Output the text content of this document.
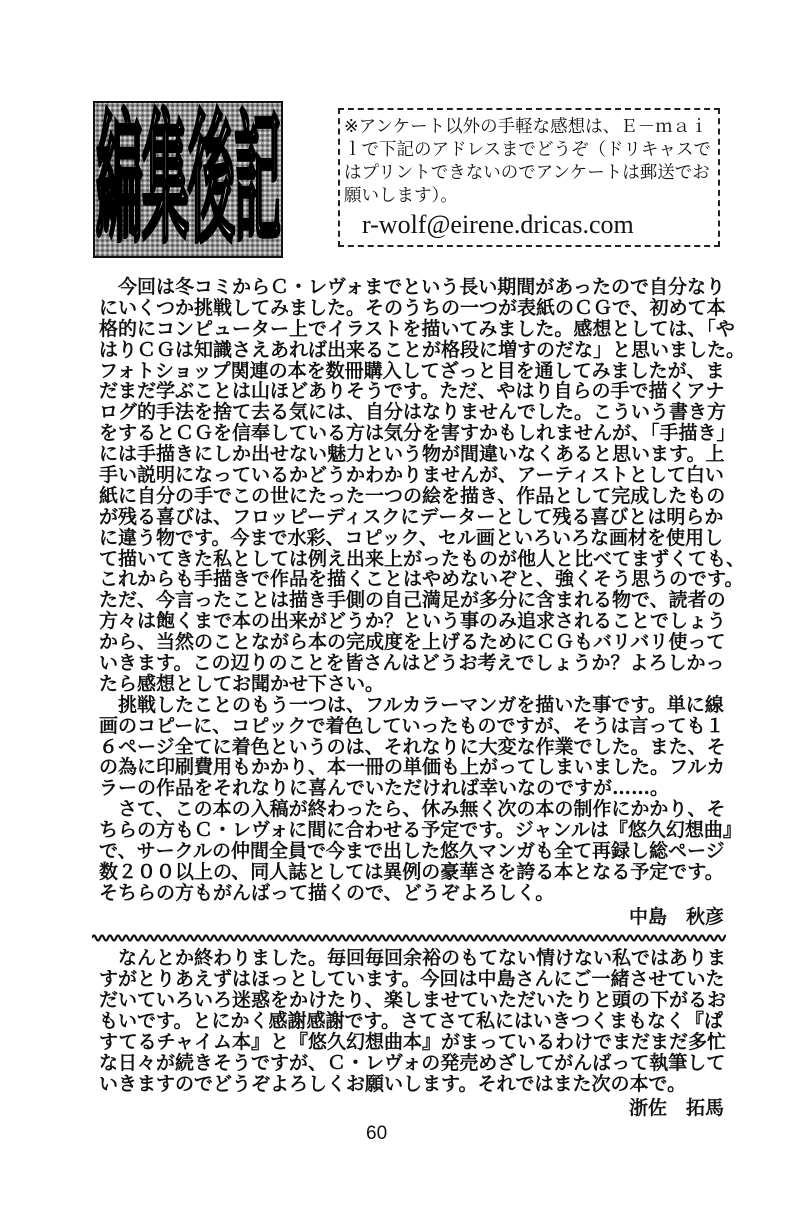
編集後記	※アンケート以外の手軽な感想は、Ｅ－ｍａｉｌで下記のアドレスまでどうぞ（ドリキャスではプリントできないのでアンケートは郵送でお願いします）。
r-wolf@eirene.dricas.com
　今回は冬コミからＣ・レヴォまでという長い期間があったので自分なり
にいくつか挑戦してみました。そのうちの一つが表紙のＣＧで、初めて本
格的にコンピューター上でイラストを描いてみました。感想としては、「や
はりＣＧは知識さえあれば出来ることが格段に増すのだな」と思いました。
フォトショップ関連の本を数冊購入してざっと目を通してみましたが、ま
だまだ学ぶことは山ほどありそうです。ただ、やはり自らの手で描くアナ
ログ的手法を捨て去る気には、自分はなりませんでした。こういう書き方
をするとＣＧを信奉している方は気分を害すかもしれませんが、「手描き」
には手描きにしか出せない魅力という物が間違いなくあると思います。上
手い説明になっているかどうかわかりませんが、アーティストとして白い
紙に自分の手でこの世にたった一つの絵を描き、作品として完成したもの
が残る喜びは、フロッピーディスクにデーターとして残る喜びとは明らか
に違う物です。今まで水彩、コピック、セル画といろいろな画材を使用し
て描いてきた私としては例え出来上がったものが他人と比べてまずくても、
これからも手描きで作品を描くことはやめないぞと、強くそう思うのです。
ただ、今言ったことは描き手側の自己満足が多分に含まれる物で、読者の
方々は飽くまで本の出来がどうか？という事のみ追求されることでしょう
から、当然のことながら本の完成度を上げるためにＣＧもバリバリ使って
いきます。この辺りのことを皆さんはどうお考えでしょうか？よろしかっ
たら感想としてお聞かせ下さい。
　挑戦したことのもう一つは、フルカラーマンガを描いた事です。単に線
画のコピーに、コピックで着色していったものですが、そうは言っても１
６ページ全てに着色というのは、それなりに大変な作業でした。また、そ
の為に印刷費用もかかり、本一冊の単価も上がってしまいました。フルカ
ラーの作品をそれなりに喜んでいただければ幸いなのですが……。
　さて、この本の入稿が終わったら、休み無く次の本の制作にかかり、そ
ちらの方もＣ・レヴォに間に合わせる予定です。ジャンルは『悠久幻想曲』
で、サークルの仲間全員で今まで出した悠久マンガも全て再録し総ページ
数２００以上の、同人誌としては異例の豪華さを誇る本となる予定です。
そちらの方もがんばって描くので、どうぞよろしく。
中島　秋彦
　なんとか終わりました。毎回毎回余裕のもてない情けない私ではありま
すがとりあえずはほっとしています。今回は中島さんにご一緒させていた
だいていろいろ迷惑をかけたり、楽しませていただいたりと頭の下がるお
もいです。とにかく感謝感謝です。さてさて私にはいきつくまもなく『ぱ
すてるチャイム本』と『悠久幻想曲本』がまっているわけでまだまだ多忙
な日々が続きそうですが、Ｃ・レヴォの発売めざしてがんばって執筆して
いきますのでどうぞよろしくお願いします。それではまた次の本で。
浙佐　拓馬
60
